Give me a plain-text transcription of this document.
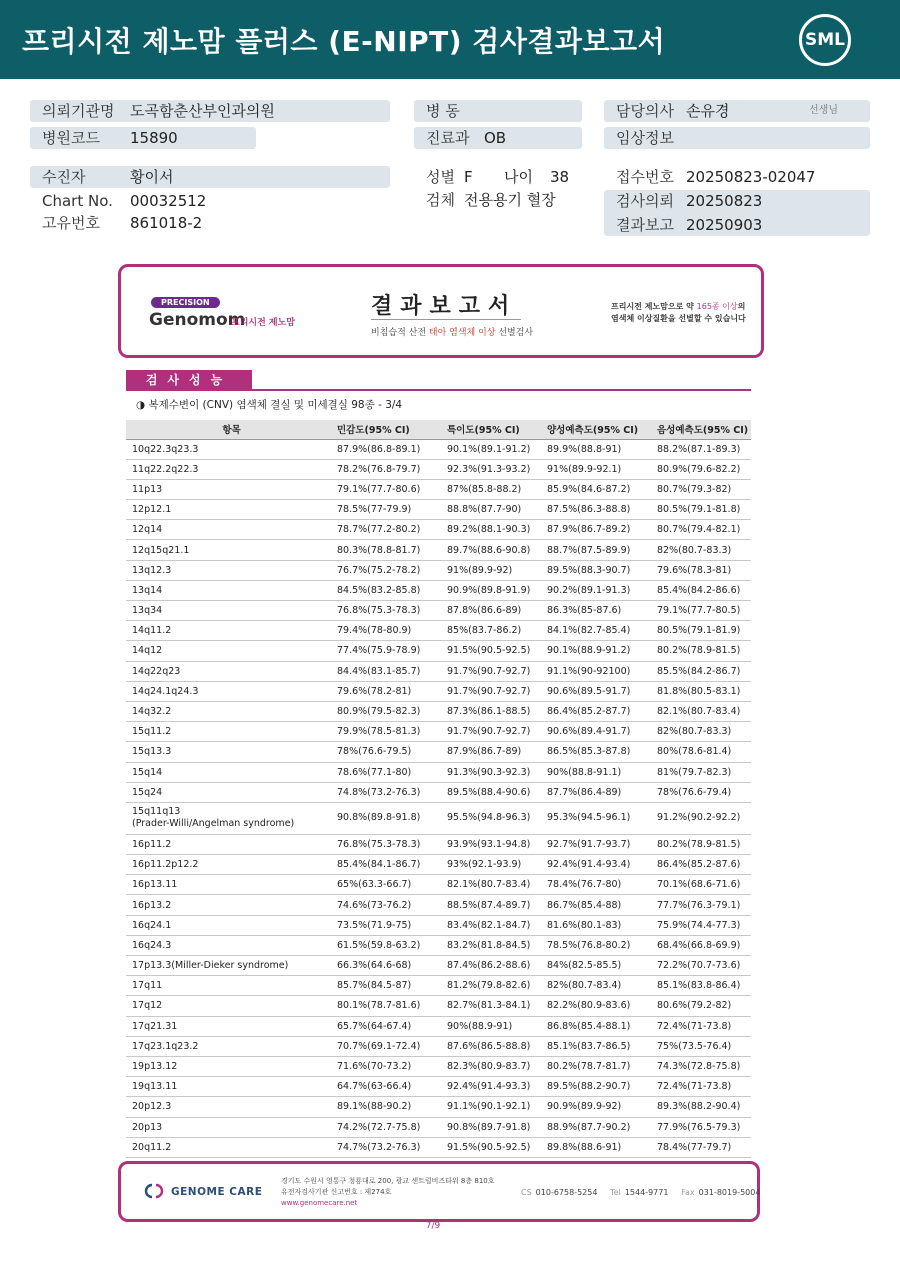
프리시전 제노맘 플러스 (E-NIPT) 검사결과보고서	SML
의뢰기관명 도곡함춘산부인과의원
병원코드 15890
수진자	황이서
Chart No. 00032512
고유번호 861018-2
병 동
진료과 OB
성별 F 나이 38
검체 전용용기 혈장
담당의사 손유경	선생님
임상정보
접수번호 20250823-02047
검사의뢰 20250823
결과보고 20250903
PRECISION
Genomom
프리시전 제노맘
결과보고서
비침습적 산전 태아 염색체 이상 선별검사
프리시전 제노맘으로 약 165종 이상의
염색체 이상질환을 선별할 수 있습니다
검사성능
◑ 복제수변이 (CNV) 염색체 결실 및 미세결실 98종 - 3/4
항목	민감도(95% CI)	특이도(95% CI)	양성예측도(95% CI)	음성예측도(95% CI)
10q22.3q23.3	87.9%(86.8-89.1)	90.1%(89.1-91.2)	89.9%(88.8-91)	88.2%(87.1-89.3)
11q22.2q22.3	78.2%(76.8-79.7)	92.3%(91.3-93.2)	91%(89.9-92.1)	80.9%(79.6-82.2)
11p13	79.1%(77.7-80.6)	87%(85.8-88.2)	85.9%(84.6-87.2)	80.7%(79.3-82)
12p12.1	78.5%(77-79.9)	88.8%(87.7-90)	87.5%(86.3-88.8)	80.5%(79.1-81.8)
12q14	78.7%(77.2-80.2)	89.2%(88.1-90.3)	87.9%(86.7-89.2)	80.7%(79.4-82.1)
12q15q21.1	80.3%(78.8-81.7)	89.7%(88.6-90.8)	88.7%(87.5-89.9)	82%(80.7-83.3)
13q12.3	76.7%(75.2-78.2)	91%(89.9-92)	89.5%(88.3-90.7)	79.6%(78.3-81)
13q14	84.5%(83.2-85.8)	90.9%(89.8-91.9)	90.2%(89.1-91.3)	85.4%(84.2-86.6)
13q34	76.8%(75.3-78.3)	87.8%(86.6-89)	86.3%(85-87.6)	79.1%(77.7-80.5)
14q11.2	79.4%(78-80.9)	85%(83.7-86.2)	84.1%(82.7-85.4)	80.5%(79.1-81.9)
14q12	77.4%(75.9-78.9)	91.5%(90.5-92.5)	90.1%(88.9-91.2)	80.2%(78.9-81.5)
14q22q23	84.4%(83.1-85.7)	91.7%(90.7-92.7)	91.1%(90-92100)	85.5%(84.2-86.7)
14q24.1q24.3	79.6%(78.2-81)	91.7%(90.7-92.7)	90.6%(89.5-91.7)	81.8%(80.5-83.1)
14q32.2	80.9%(79.5-82.3)	87.3%(86.1-88.5)	86.4%(85.2-87.7)	82.1%(80.7-83.4)
15q11.2	79.9%(78.5-81.3)	91.7%(90.7-92.7)	90.6%(89.4-91.7)	82%(80.7-83.3)
15q13.3	78%(76.6-79.5)	87.9%(86.7-89)	86.5%(85.3-87.8)	80%(78.6-81.4)
15q14	78.6%(77.1-80)	91.3%(90.3-92.3)	90%(88.8-91.1)	81%(79.7-82.3)
15q24	74.8%(73.2-76.3)	89.5%(88.4-90.6)	87.7%(86.4-89)	78%(76.6-79.4)
15q11q13
(Prader-Willi/Angelman syndrome)	90.8%(89.8-91.8)	95.5%(94.8-96.3)	95.3%(94.5-96.1)	91.2%(90.2-92.2)
16p11.2	76.8%(75.3-78.3)	93.9%(93.1-94.8)	92.7%(91.7-93.7)	80.2%(78.9-81.5)
16p11.2p12.2	85.4%(84.1-86.7)	93%(92.1-93.9)	92.4%(91.4-93.4)	86.4%(85.2-87.6)
16p13.11	65%(63.3-66.7)	82.1%(80.7-83.4)	78.4%(76.7-80)	70.1%(68.6-71.6)
16p13.2	74.6%(73-76.2)	88.5%(87.4-89.7)	86.7%(85.4-88)	77.7%(76.3-79.1)
16q24.1	73.5%(71.9-75)	83.4%(82.1-84.7)	81.6%(80.1-83)	75.9%(74.4-77.3)
16q24.3	61.5%(59.8-63.2)	83.2%(81.8-84.5)	78.5%(76.8-80.2)	68.4%(66.8-69.9)
17p13.3(Miller-Dieker syndrome)	66.3%(64.6-68)	87.4%(86.2-88.6)	84%(82.5-85.5)	72.2%(70.7-73.6)
17q11	85.7%(84.5-87)	81.2%(79.8-82.6)	82%(80.7-83.4)	85.1%(83.8-86.4)
17q12	80.1%(78.7-81.6)	82.7%(81.3-84.1)	82.2%(80.9-83.6)	80.6%(79.2-82)
17q21.31	65.7%(64-67.4)	90%(88.9-91)	86.8%(85.4-88.1)	72.4%(71-73.8)
17q23.1q23.2	70.7%(69.1-72.4)	87.6%(86.5-88.8)	85.1%(83.7-86.5)	75%(73.5-76.4)
19p13.12	71.6%(70-73.2)	82.3%(80.9-83.7)	80.2%(78.7-81.7)	74.3%(72.8-75.8)
19q13.11	64.7%(63-66.4)	92.4%(91.4-93.3)	89.5%(88.2-90.7)	72.4%(71-73.8)
20p12.3	89.1%(88-90.2)	91.1%(90.1-92.1)	90.9%(89.9-92)	89.3%(88.2-90.4)
20p13	74.2%(72.7-75.8)	90.8%(89.7-91.8)	88.9%(87.7-90.2)	77.9%(76.5-79.3)
20q11.2	74.7%(73.2-76.3)	91.5%(90.5-92.5)	89.8%(88.6-91)	78.4%(77-79.7)
GENOME CARE
경기도 수원시 영통구 청룡대로 200, 광교 센트럴비즈타워 8층 810호
유전자검사기관 신고번호 : 제274호
www.genomecare.net
CS 010-6758-5254 Tel 1544-9771 Fax 031-8019-5004
7/9
